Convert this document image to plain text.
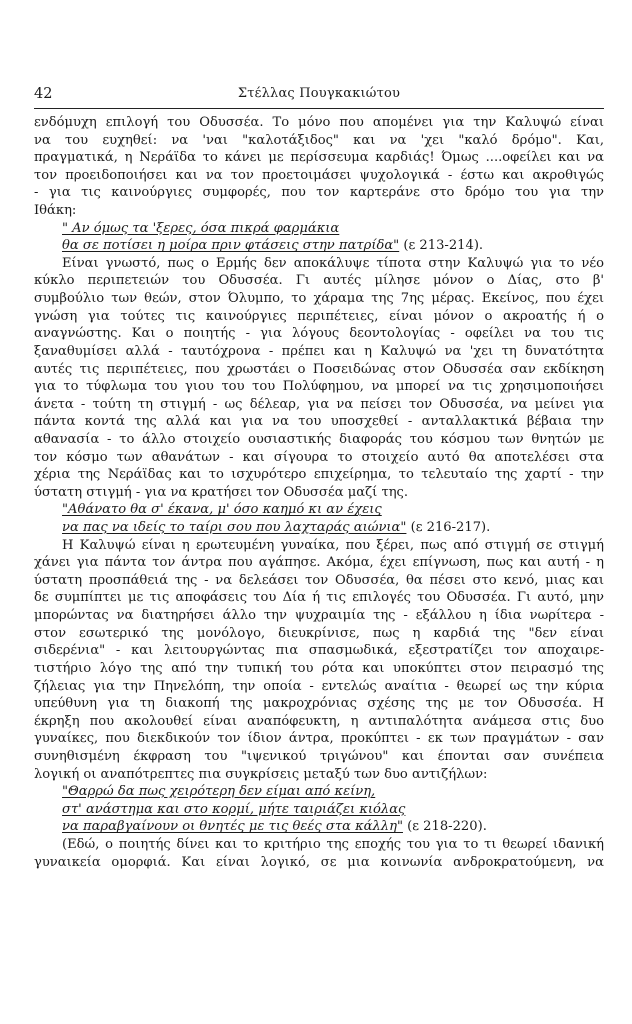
42	Στέλλας Πουγκακιώτου
ενδόμυχη επιλογή του Οδυσσέα. Το μόνο που απομένει για την Καλυψώ είναι
να του ευχηθεί: να 'ναι "καλοτάξιδος" και να 'χει "καλό δρόμο". Και,
πραγματικά, η Νεράϊδα το κάνει με περίσσευμα καρδιάς! Όμως ....οφείλει και να
τον προειδοποιήσει και να τον προετοιμάσει ψυχολογικά - έστω και ακροθιγώς
- για τις καινούργιες συμφορές, που τον καρτεράνε στο δρόμο του για την
Ιθάκη:
" Αν όμως τα 'ξερες, όσα πικρά φαρμάκια
θα σε ποτίσει η μοίρα πριν φτάσεις στην πατρίδα" (ε 213-214).
Είναι γνωστό, πως ο Ερμής δεν αποκάλυψε τίποτα στην Καλυψώ για το νέο
κύκλο περιπετειών του Οδυσσέα. Γι αυτές μίλησε μόνον ο Δίας, στο β'
συμβούλιο των θεών, στον Όλυμπο, το χάραμα της 7ης μέρας. Εκείνος, που έχει
γνώση για τούτες τις καινούργιες περιπέτειες, είναι μόνον ο ακροατής ή ο
αναγνώστης. Και ο ποιητής - για λόγους δεοντολογίας - οφείλει να του τις
ξαναθυμίσει αλλά - ταυτόχρονα - πρέπει και η Καλυψώ να 'χει τη δυνατότητα
αυτές τις περιπέτειες, που χρωστάει ο Ποσειδώνας στον Οδυσσέα σαν εκδίκηση
για το τύφλωμα του γιου του του Πολύφημου, να μπορεί να τις χρησιμοποιήσει
άνετα - τούτη τη στιγμή - ως δέλεαρ, για να πείσει τον Οδυσσέα, να μείνει για
πάντα κοντά της αλλά και για να του υποσχεθεί - ανταλλακτικά βέβαια την
αθανασία - το άλλο στοιχείο ουσιαστικής διαφοράς του κόσμου των θνητών με
τον κόσμο των αθανάτων - και σίγουρα το στοιχείο αυτό θα αποτελέσει στα
χέρια της Νεράϊδας και το ισχυρότερο επιχείρημα, το τελευταίο της χαρτί - την
ύστατη στιγμή - για να κρατήσει τον Οδυσσέα μαζί της.
"Αθάνατο θα σ' έκανα, μ' όσο καημό κι αν έχεις
να πας να ιδείς το ταίρι σου που λαχταράς αιώνια" (ε 216-217).
Η Καλυψώ είναι η ερωτευμένη γυναίκα, που ξέρει, πως από στιγμή σε στιγμή
χάνει για πάντα τον άντρα που αγάπησε. Ακόμα, έχει επίγνωση, πως και αυτή - η
ύστατη προσπάθειά της - να δελεάσει τον Οδυσσέα, θα πέσει στο κενό, μιας και
δε συμπίπτει με τις αποφάσεις του Δία ή τις επιλογές του Οδυσσέα. Γι αυτό, μην
μπορώντας να διατηρήσει άλλο την ψυχραιμία της - εξάλλου η ίδια νωρίτερα -
στον εσωτερικό της μονόλογο, διευκρίνισε, πως η καρδιά της "δεν είναι
σιδερένια" - και λειτουργώντας πια σπασμωδικά, εξεστρατίζει τον αποχαιρε-
τιστήριο λόγο της από την τυπική του ρότα και υποκύπτει στον πειρασμό της
ζήλειας για την Πηνελόπη, την οποία - εντελώς αναίτια - θεωρεί ως την κύρια
υπεύθυνη για τη διακοπή της μακροχρόνιας σχέσης της με τον Οδυσσέα. Η
έκρηξη που ακολουθεί είναι αναπόφευκτη, η αντιπαλότητα ανάμεσα στις δυο
γυναίκες, που διεκδικούν τον ίδιον άντρα, προκύπτει - εκ των πραγμάτων - σαν
συνηθισμένη έκφραση του "ιψενικού τριγώνου" και έπονται σαν συνέπεια
λογική οι αναπότρεπτες πια συγκρίσεις μεταξύ των δυο αντιζήλων:
"Θαρρώ δα πως χειρότερη δεν είμαι από κείνη,
στ' ανάστημα και στο κορμί, μήτε ταιριάζει κιόλας
να παραβγαίνουν οι θνητές με τις θεές στα κάλλη" (ε 218-220).
(Εδώ, ο ποιητής δίνει και το κριτήριο της εποχής του για το τι θεωρεί ιδανική
γυναικεία ομορφιά. Και είναι λογικό, σε μια κοινωνία ανδροκρατούμενη, να
